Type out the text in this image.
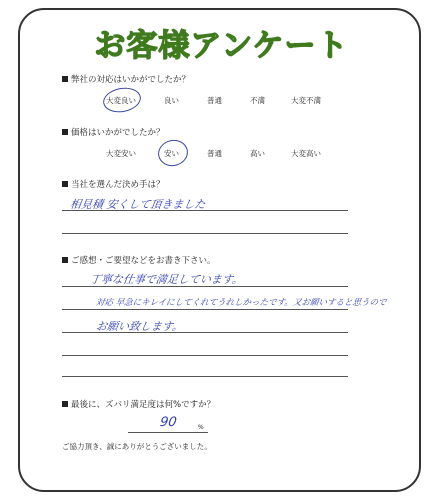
お客様アンケート
弊社の対応はいかがでしたか？
大変良い	良い	普通	不満	大変不満
価格はいかがでしたか？
大変安い	安い	普通	高い	大変高い
当社を選んだ決め手は？
相見積 安くして頂きました
ご感想・ご要望などをお書き下さい。
丁寧な仕事で満足しています。
対応 早急にキレイにしてくれてうれしかったです。又お願いすると思うので
お願い致します。
最後に、ズバリ満足度は何%ですか？
90	%
ご協力頂き、誠にありがとうございました。
